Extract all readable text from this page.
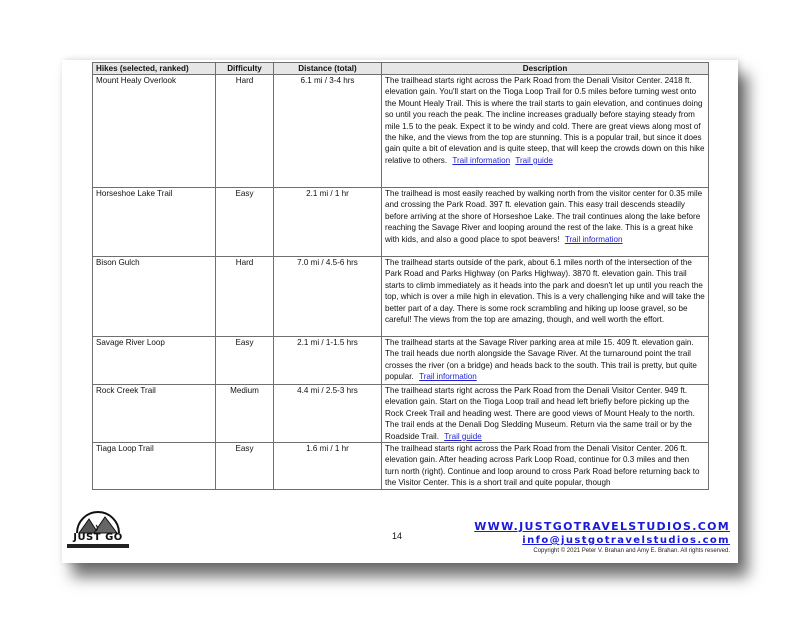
Hikes (selected, ranked)	Difficulty	Distance (total)	Description
Mount Healy Overlook	Hard	6.1 mi / 3-4 hrs	The trailhead starts right across the Park Road from the Denali Visitor Center. 2418 ft. elevation gain. You'll start on the Tioga Loop Trail for 0.5 miles before turning west onto the Mount Healy Trail. This is where the trail starts to gain elevation, and continues doing so until you reach the peak. The incline increases gradually before staying steady from mile 1.5 to the peak. Expect it to be windy and cold. There are great views along most of the hike, and the views from the top are stunning. This is a popular trail, but since it does gain quite a bit of elevation and is quite steep, that will keep the crowds down on this hike relative to others. Trail information Trail guide
Horseshoe Lake Trail	Easy	2.1 mi / 1 hr	The trailhead is most easily reached by walking north from the visitor center for 0.35 mile and crossing the Park Road. 397 ft. elevation gain. This easy trail descends steadily before arriving at the shore of Horseshoe Lake. The trail continues along the lake before reaching the Savage River and looping around the rest of the lake. This is a great hike with kids, and also a good place to spot beavers! Trail information
Bison Gulch	Hard	7.0 mi / 4.5-6 hrs	The trailhead starts outside of the park, about 6.1 miles north of the intersection of the Park Road and Parks Highway (on Parks Highway). 3870 ft. elevation gain. This trail starts to climb immediately as it heads into the park and doesn't let up until you reach the top, which is over a mile high in elevation. This is a very challenging hike and will take the better part of a day. There is some rock scrambling and hiking up loose gravel, so be careful! The views from the top are amazing, though, and well worth the effort.
Savage River Loop	Easy	2.1 mi / 1-1.5 hrs	The trailhead starts at the Savage River parking area at mile 15. 409 ft. elevation gain. The trail heads due north alongside the Savage River. At the turnaround point the trail crosses the river (on a bridge) and heads back to the south. This trail is pretty, but quite popular. Trail information
Rock Creek Trail	Medium	4.4 mi / 2.5-3 hrs	The trailhead starts right across the Park Road from the Denali Visitor Center. 949 ft. elevation gain. Start on the Tioga Loop trail and head left briefly before picking up the Rock Creek Trail and heading west. There are good views of Mount Healy to the north. The trail ends at the Denali Dog Sledding Museum. Return via the same trail or by the Roadside Trail. Trail guide
Tiaga Loop Trail	Easy	1.6 mi / 1 hr	The trailhead starts right across the Park Road from the Denali Visitor Center. 206 ft. elevation gain. After heading across Park Loop Road, continue for 0.3 miles and then turn north (right). Continue and loop around to cross Park Road before returning back to the Visitor Center. This is a short trail and quite popular, though
JUST GO	14
WWW.JUSTGOTRAVELSTUDIOS.COM
info@justgotravelstudios.com
Copyright © 2021 Peter V. Brahan and Amy E. Brahan. All rights reserved.
